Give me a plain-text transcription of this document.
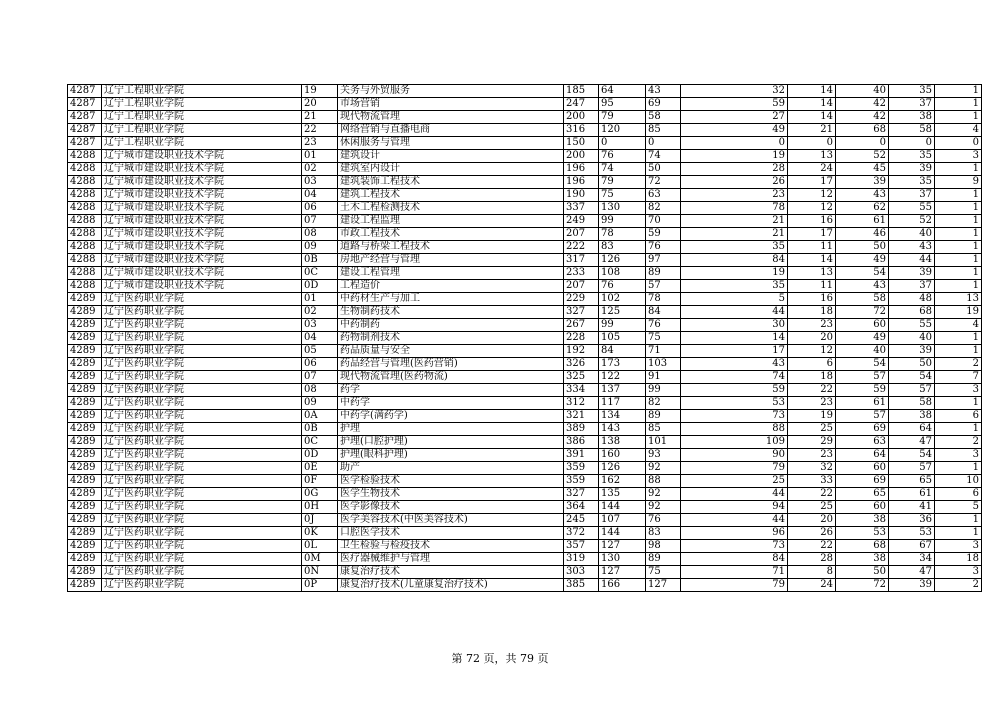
4287	辽宁工程职业学院	19	关务与外贸服务	185	64	43	32	14	40	35	1
4287	辽宁工程职业学院	20	市场营销	247	95	69	59	14	42	37	1
4287	辽宁工程职业学院	21	现代物流管理	200	79	58	27	14	42	38	1
4287	辽宁工程职业学院	22	网络营销与直播电商	316	120	85	49	21	68	58	4
4287	辽宁工程职业学院	23	休闲服务与管理	150	0	0	0	0	0	0	0
4288	辽宁城市建设职业技术学院	01	建筑设计	200	76	74	19	13	52	35	3
4288	辽宁城市建设职业技术学院	02	建筑室内设计	196	74	50	28	24	45	39	1
4288	辽宁城市建设职业技术学院	03	建筑装饰工程技术	196	79	72	26	17	39	35	9
4288	辽宁城市建设职业技术学院	04	建筑工程技术	190	75	63	23	12	43	37	1
4288	辽宁城市建设职业技术学院	06	土木工程检测技术	337	130	82	78	12	62	55	1
4288	辽宁城市建设职业技术学院	07	建设工程监理	249	99	70	21	16	61	52	1
4288	辽宁城市建设职业技术学院	08	市政工程技术	207	78	59	21	17	46	40	1
4288	辽宁城市建设职业技术学院	09	道路与桥梁工程技术	222	83	76	35	11	50	43	1
4288	辽宁城市建设职业技术学院	0B	房地产经营与管理	317	126	97	84	14	49	44	1
4288	辽宁城市建设职业技术学院	0C	建设工程管理	233	108	89	19	13	54	39	1
4288	辽宁城市建设职业技术学院	0D	工程造价	207	76	57	35	11	43	37	1
4289	辽宁医药职业学院	01	中药材生产与加工	229	102	78	5	16	58	48	13
4289	辽宁医药职业学院	02	生物制药技术	327	125	84	44	18	72	68	19
4289	辽宁医药职业学院	03	中药制药	267	99	76	30	23	60	55	4
4289	辽宁医药职业学院	04	药物制剂技术	228	105	75	14	20	49	40	1
4289	辽宁医药职业学院	05	药品质量与安全	192	84	71	17	12	40	39	1
4289	辽宁医药职业学院	06	药品经营与管理(医药营销)	326	173	103	43	6	54	50	2
4289	辽宁医药职业学院	07	现代物流管理(医药物流)	325	122	91	74	18	57	54	7
4289	辽宁医药职业学院	08	药学	334	137	99	59	22	59	57	3
4289	辽宁医药职业学院	09	中药学	312	117	82	53	23	61	58	1
4289	辽宁医药职业学院	0A	中药学(满药学)	321	134	89	73	19	57	38	6
4289	辽宁医药职业学院	0B	护理	389	143	85	88	25	69	64	1
4289	辽宁医药职业学院	0C	护理(口腔护理)	386	138	101	109	29	63	47	2
4289	辽宁医药职业学院	0D	护理(眼科护理)	391	160	93	90	23	64	54	3
4289	辽宁医药职业学院	0E	助产	359	126	92	79	32	60	57	1
4289	辽宁医药职业学院	0F	医学检验技术	359	162	88	25	33	69	65	10
4289	辽宁医药职业学院	0G	医学生物技术	327	135	92	44	22	65	61	6
4289	辽宁医药职业学院	0H	医学影像技术	364	144	92	94	25	60	41	5
4289	辽宁医药职业学院	0J	医学美容技术(中医美容技术)	245	107	76	44	20	38	36	1
4289	辽宁医药职业学院	0K	口腔医学技术	372	144	83	96	26	53	53	1
4289	辽宁医药职业学院	0L	卫生检验与检疫技术	357	127	98	73	22	68	67	3
4289	辽宁医药职业学院	0M	医疗器械维护与管理	319	130	89	84	28	38	34	18
4289	辽宁医药职业学院	0N	康复治疗技术	303	127	75	71	8	50	47	3
4289	辽宁医药职业学院	0P	康复治疗技术(儿童康复治疗技术)	385	166	127	79	24	72	39	2
第 72 页，共 79 页
